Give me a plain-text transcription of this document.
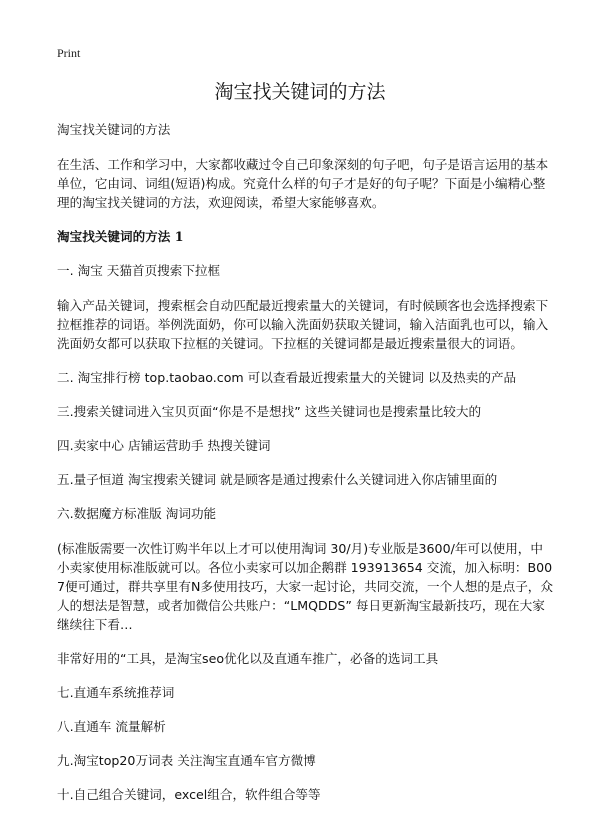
Print
淘宝找关键词的方法

淘宝找关键词的方法

在生活、工作和学习中，大家都收藏过令自己印象深刻的句子吧，句子是语言运用的基本单位，它由词、词组(短语)构成。究竟什么样的句子才是好的句子呢？下面是小编精心整理的淘宝找关键词的方法，欢迎阅读，希望大家能够喜欢。

淘宝找关键词的方法 1

一. 淘宝 天猫首页搜索下拉框

输入产品关键词，搜索框会自动匹配最近搜索量大的关键词，有时候顾客也会选择搜索下拉框推荐的词语。举例洗面奶，你可以输入洗面奶获取关键词，输入洁面乳也可以，输入洗面奶女都可以获取下拉框的关键词。下拉框的关键词都是最近搜索量很大的词语。

二. 淘宝排行榜 top.taobao.com 可以查看最近搜索量大的关键词 以及热卖的产品

三.搜索关键词进入宝贝页面“你是不是想找” 这些关键词也是搜索量比较大的

四.卖家中心 店铺运营助手 热搜关键词

五.量子恒道 淘宝搜索关键词 就是顾客是通过搜索什么关键词进入你店铺里面的

六.数据魔方标准版 淘词功能

(标准版需要一次性订购半年以上才可以使用淘词 30/月)专业版是3600/年可以使用，中小卖家使用标准版就可以。各位小卖家可以加企鹅群 193913654 交流，加入标明：B007便可通过，群共享里有N多使用技巧，大家一起讨论，共同交流，一个人想的是点子，众人的想法是智慧，或者加微信公共账户：“LMQDDS” 每日更新淘宝最新技巧，现在大家继续往下看…

非常好用的“工具，是淘宝seo优化以及直通车推广，必备的选词工具

七.直通车系统推荐词

八.直通车 流量解析

九.淘宝top20万词表 关注淘宝直通车官方微博

十.自己组合关键词，excel组合，软件组合等等
